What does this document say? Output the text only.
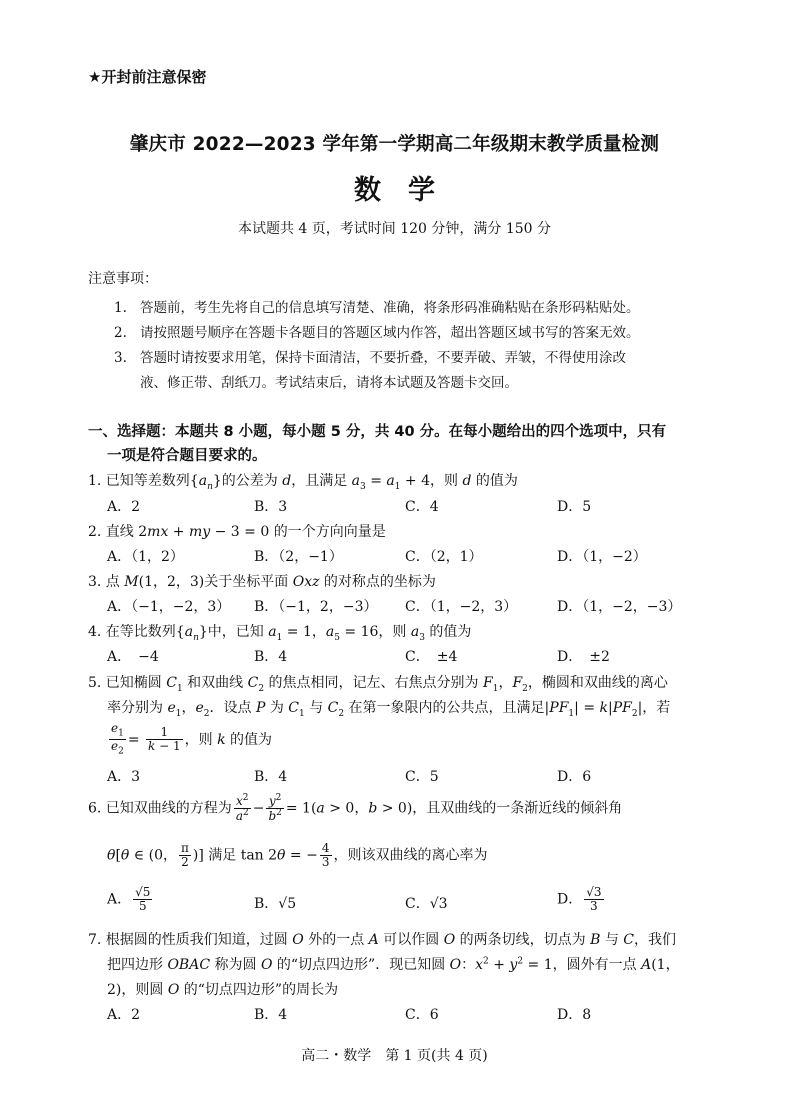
★开封前注意保密
肇庆市 2022—2023 学年第一学期高二年级期末教学质量检测
数　学
本试题共 4 页，考试时间 120 分钟，满分 150 分
注意事项：
1. 答题前，考生先将自己的信息填写清楚、准确，将条形码准确粘贴在条形码粘贴处。
2. 请按照题号顺序在答题卡各题目的答题区域内作答，超出答题区域书写的答案无效。
3. 答题时请按要求用笔，保持卡面清洁，不要折叠，不要弄破、弄皱，不得使用涂改
液、修正带、刮纸刀。考试结束后，请将本试题及答题卡交回。
一、选择题：本题共 8 小题，每小题 5 分，共 40 分。在每小题给出的四个选项中，只有
一项是符合题目要求的。
1. 已知等差数列$\{a_n\}$的公差为 d，且满足 $a_3 = a_1 + 4$，则 d 的值为
A．2	B．3	C．4	D．5
2. 直线 2mx + my − 3 = 0 的一个方向向量是
A．（1，2）	B．（2，−1）	C．（2，1）	D．（1，−2）
3. 点 M(1，2，3)关于坐标平面 Oxz 的对称点的坐标为
A．（−1，−2，3） B．（−1，2，−3） C．（1，−2，3）	D．（1，−2，−3）
4. 在等比数列$\{a_n\}$中，已知 $a_1 = 1$，$a_5 = 16$，则 $a_3$ 的值为
A．　−4	B．4	C．　±4	D．　±2
5. 已知椭圆 $C_1$ 和双曲线 $C_2$ 的焦点相同，记左、右焦点分别为 $F_1$，$F_2$，椭圆和双曲线的离心
率分别为 $e_1$，$e_2$．设点 P 为 $C_1$ 与 $C_2$ 在第一象限内的公共点，且满足$|PF_1| = k|PF_2|$，若
$\frac{e_1}{e_2} = \frac{1}{k - 1}$ ，则 k 的值为
A．3	B．4	C．5	D．6
6. 已知双曲线的方程为 $\frac{x^2}{a^2} - \frac{y^2}{b^2} = 1(a > 0$，b > 0)，且双曲线的一条渐近线的倾斜角
θ[θ ∈ (0， $\frac{\pi}{2}$ )] 满足 tan 2θ = − $\frac{4}{3}$ ，则该双曲线的离心率为
A． $\frac{√5}{5}$	B．√5	C．√3	D． $\frac{√3}{3}$
7. 根据圆的性质我们知道，过圆 O 外的一点 A 可以作圆 O 的两条切线，切点为 B 与 C，我们
把四边形 OBAC 称为圆 O 的“切点四边形”．现已知圆 O：$x^2 + y^2 = 1$，圆外有一点 A(1，
2)，则圆 O 的“切点四边形”的周长为
A．2	B．4	C．6	D．8
高二・数学　第 1 页(共 4 页)
